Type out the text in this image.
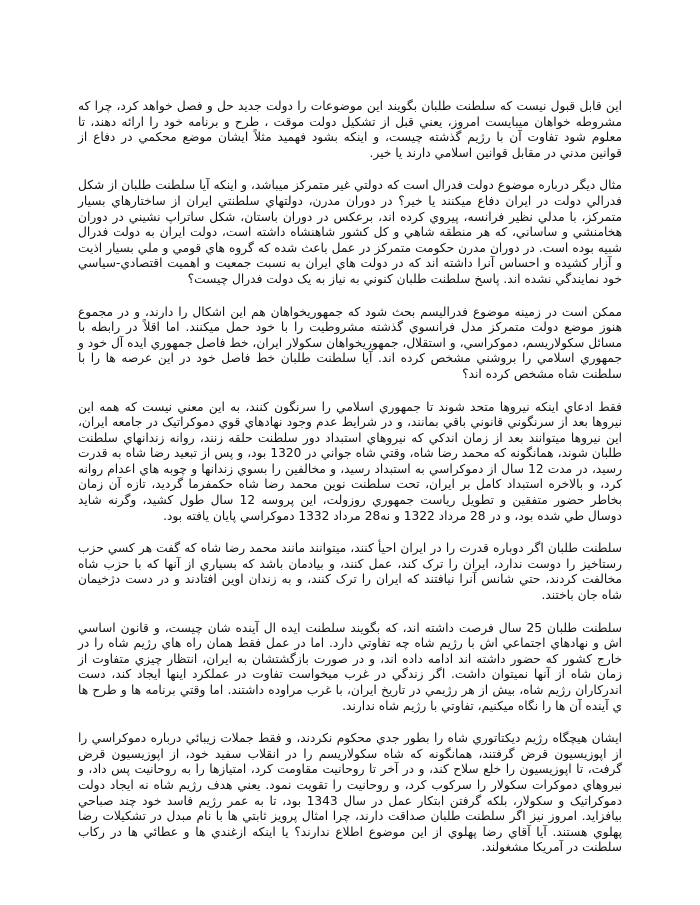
اين قابل قبول نيست كه سلطنت طلبان بگويند اين موضوعات را دولت جديد حل و فصل خواهد كرد، چرا كه مشروطه خواهان ميبايست امروز، يعني قبل از تشكيل دولت موقت ، طرح و برنامه خود را ارائه دهند، تا معلوم شود تفاوت آن با رژيم گذشته چيست، و اينكه بشود فهميد مثلاً ايشان موضع محكمي در دفاع از قوانين مدني در مقابل قوانين اسلامي دارند يا خير.

مثال ديگر درباره موضوع دولت فدرال است كه دولتي غير متمركز ميباشد، و اينكه آيا سلطنت طلبان از شكل فدرالي دولت در ايران دفاع ميكنند يا خير؟ در دوران مدرن، دولتهاي سلطنتي ايران از ساختارهاي بسيار متمركز، با مدلي نظير فرانسه، پيروي كرده اند، برعكس در دوران باستان، شكل ساتراپ نشيني در دوران هخامنشي و ساساني، كه هر منطقه شاهي و كل كشور شاهنشاه داشته است، دولت ايران به دولت فدرال شبيه بوده است. در دوران مدرن حكومت متمركز در عمل باعث شده كه گروه هاي قومي و ملي بسيار اذيت و آزار كشيده و احساس آنرا داشته اند كه در دولت هاي ايران به نسبت جمعيت و اهميت اقتصادي-سياسي خود نمايندگي نشده اند. پاسخ سلطنت طلبان كنوني به نياز به يک دولت فدرال چيست؟

ممكن است در زمينه موضوع فدراليسم بحث شود كه جمهوريخواهان هم اين اشكال را دارند، و در مجموع هنوز موضع دولت متمركز مدل فرانسوي گذشته مشروطيت را با خود حمل ميكنند. اما اقلاً در رابطه با مسائل سكولاريسم، دموكراسي، و استقلال، جمهوريخواهان سكولار ايران، خط فاصل جمهوري ايده آل خود و جمهوري اسلامي را بروشني مشخص كرده اند. آيا سلطنت طلبان خط فاصل خود در اين عرصه ها را با سلطنت شاه مشخص كرده اند؟

فقط ادعاي اينكه نيروها متحد شوند تا جمهوري اسلامي را سرنگون كنند، به اين معني نيست كه همه اين نيروها بعد از سرنگوني قانوني باقي بمانند، و در شرايط عدم وجود نهادهاي قوي دموكراتيک در جامعه ايران، اين نيروها ميتوانند بعد از زمان اندكي كه نيروهاي استبداد دور سلطنت حلقه زنند، روانه زندانهاي سلطنت طلبان شوند، همانگونه كه محمد رضا شاه، وقتي شاه جواني در 1320 بود، و پس از تبعيد رضا شاه به قدرت رسيد، در مدت 12 سال از دموكراسي به استبداد رسيد، و مخالفين را بسوي زندانها و چوبه هاي اعدام روانه كرد، و بالاخره استبداد كامل بر ايران، تحت سلطنت نوين محمد رضا شاه حكمفرما گرديد، تازه آن زمان بخاطر حضور متفقين و تطويل رياست جمهوري روزولت، اين پروسه 12 سال طول كشيد، وگرنه شايد دوسال طي شده بود، و در 28 مرداد 1322 و نه28 مرداد 1332 دموكراسي پايان يافته بود.

سلطنت طلبان اگر دوباره قدرت را در ايران احيأ كنند، ميتوانند مانند محمد رضا شاه كه گفت هر كسي حزب رستاخيز را دوست ندارد، ايران را ترک كند، عمل كنند، و بيادمان باشد كه بسياري از آنها كه با حزب شاه مخالفت كردند، حتي شانس آنرا نيافتند كه ايران را ترک كنند، و به زندان اوين افتادند و در دست دژخيمان شاه جان باختند.

سلطنت طلبان 25 سال فرصت داشته اند، كه بگويند سلطنت ايده ال آينده شان چيست، و قانون اساسي اش و نهادهاي اجتماعي اش با رژيم شاه چه تفاوتي دارد. اما در عمل فقط همان راه هاي رژيم شاه را در خارج كشور كه حضور داشته اند ادامه داده اند، و در صورت بازگشتشان به ايران، انتظار چيزي متفاوت از زمان شاه از آنها نميتوان داشت. اگر زندگي در غرب ميخواست تفاوت در عملكرد اينها ايجاد كند، دست اندركاران رژيم شاه، بيش از هر رژيمي در تاريخ ايران، با غرب مراوده داشتند. اما وقتي برنامه ها و طرح ها ي آينده آن ها را نگاه ميكنيم، تفاوتي با رژيم شاه ندارند.

ايشان هيچگاه رژيم ديكتاتوري شاه را بطور جدي محكوم نكردند، و فقط جملات زيبائي درباره دموكراسي را از اپوزيسيون قرض گرفتند، همانگونه كه شاه سكولاريسم را در انقلاب سفيد خود، از اپوزيسيون قرض گرفت، تا اپوزيسيون را خلع سلاح كند، و در آخر تا روحانيت مقاومت كرد، امتيازها را به روحانيت پس داد، و نيروهاي دموكرات سكولار را سركوب كرد، و روحانيت را تقويت نمود. يعني هدف رژيم شاه نه ايجاد دولت دموكراتيک و سكولار، بلكه گرفتن ابتكار عمل در سال 1343 بود، تا به عمر رژيم فاسد خود چند صباحي بيافزايد. امروز نيز اگر سلطنت طلبان صداقت دارند، چرا امثال پرويز ثابتي ها با نام مبدل در تشكيلات رضا پهلوي هستند. آيا آقاي رضا پهلوي از اين موضوع اطلاع ندارند؟ يا اينكه ازغندي ها و عطائي ها در ركاب سلطنت در آمريكا مشغولند.
